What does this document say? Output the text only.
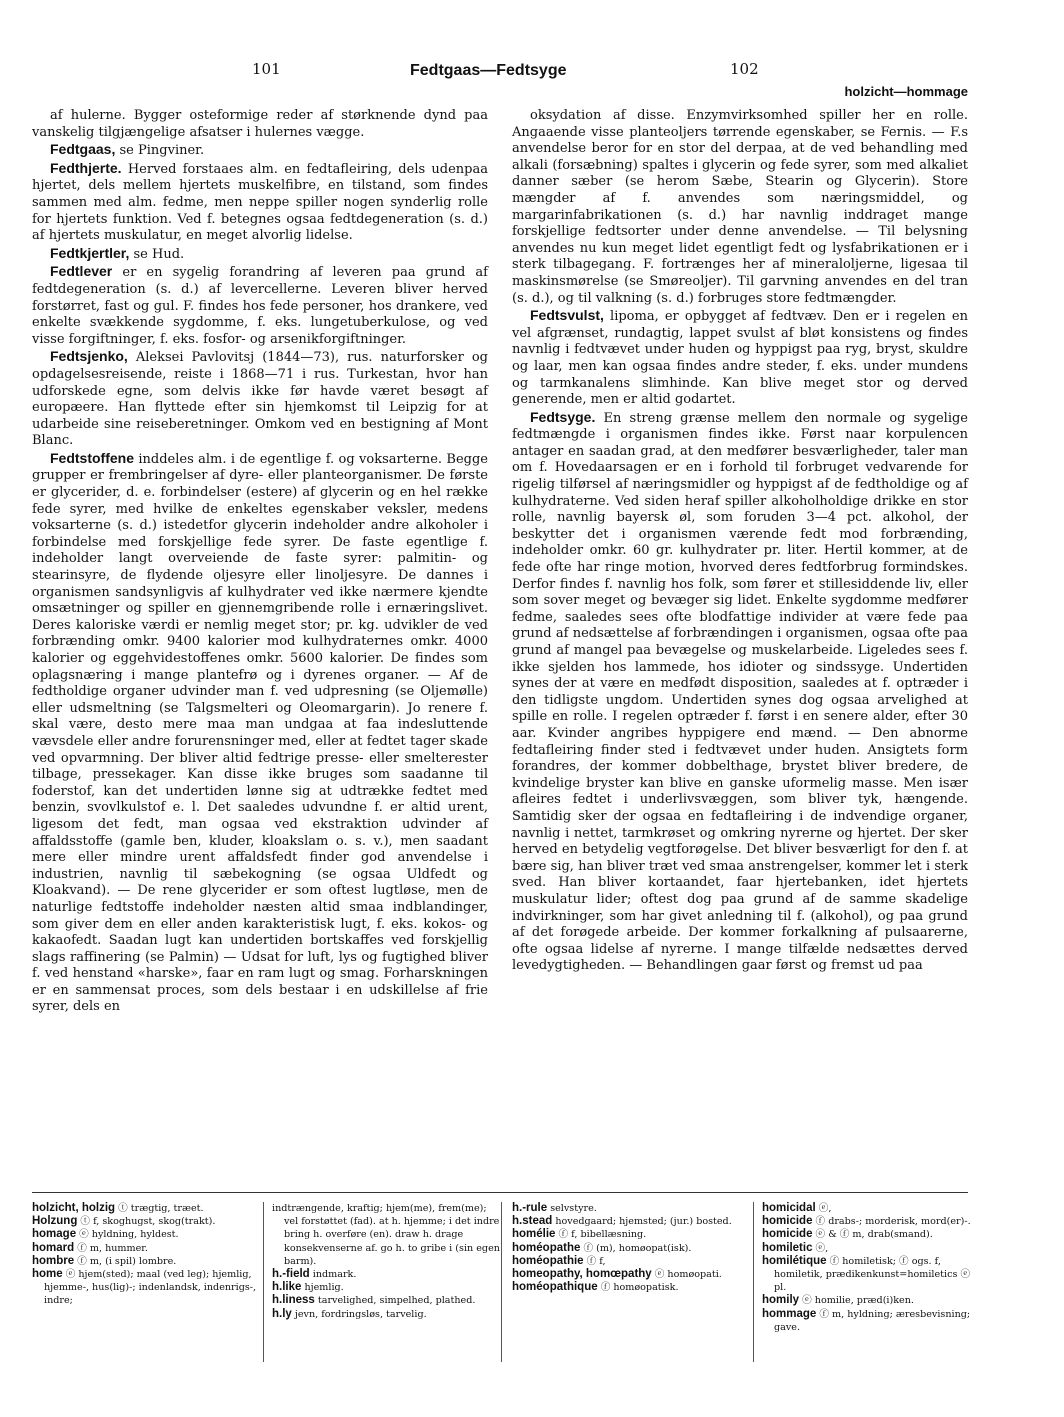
101	Fedtgaas—Fedtsyge	102
holzicht—hommage

af hulerne. Bygger osteformige reder af størknende dynd paa vanskelig tilgjængelige afsatser i hulernes vægge.

Fedtgaas, se Pingviner.

Fedthjerte. Herved forstaaes alm. en fedtafleiring, dels udenpaa hjertet, dels mellem hjertets muskelfibre, en tilstand, som findes sammen med alm. fedme, men neppe spiller nogen synderlig rolle for hjertets funktion. Ved f. betegnes ogsaa fedtdegeneration (s. d.) af hjertets muskulatur, en meget alvorlig lidelse.

Fedtkjertler, se Hud.

Fedtlever er en sygelig forandring af leveren paa grund af fedtdegeneration (s. d.) af levercellerne. Leveren bliver herved forstørret, fast og gul. F. findes hos fede personer, hos drankere, ved enkelte svækkende sygdomme, f. eks. lungetuberkulose, og ved visse forgiftninger, f. eks. fosfor- og arsenikforgiftninger.

Fedtsjenko, Aleksei Pavlovitsj (1844—73), rus. naturforsker og opdagelsesreisende, reiste i 1868—71 i rus. Turkestan, hvor han udforskede egne, som delvis ikke før havde været besøgt af europæere. Han flyttede efter sin hjemkomst til Leipzig for at udarbeide sine reiseberetninger. Omkom ved en bestigning af Mont Blanc.

Fedtstoffene inddeles alm. i de egentlige f. og voksarterne. Begge grupper er frembringelser af dyre- eller planteorganismer. De første er glycerider, d. e. forbindelser (estere) af glycerin og en hel række fede syrer, med hvilke de enkeltes egenskaber veksler, medens voksarterne (s. d.) istedetfor glycerin indeholder andre alkoholer i forbindelse med forskjellige fede syrer. De faste egentlige f. indeholder langt overveiende de faste syrer: palmitin- og stearinsyre, de flydende oljesyre eller linoljesyre. De dannes i organismen sandsynligvis af kulhydrater ved ikke nærmere kjendte omsætninger og spiller en gjennemgribende rolle i ernæringslivet. Deres kaloriske værdi er nemlig meget stor; pr. kg. udvikler de ved forbrænding omkr. 9400 kalorier mod kulhydraternes omkr. 4000 kalorier og eggehvidestoffenes omkr. 5600 kalorier. De findes som oplagsnæring i mange plantefrø og i dyrenes organer. — Af de fedtholdige organer udvinder man f. ved udpresning (se Oljemølle) eller udsmeltning (se Talgsmelteri og Oleomargarin). Jo renere f. skal være, desto mere maa man undgaa at faa indesluttende vævsdele eller andre forurensninger med, eller at fedtet tager skade ved opvarmning. Der bliver altid fedtrige presse- eller smelterester tilbage, pressekager. Kan disse ikke bruges som saadanne til foderstof, kan det undertiden lønne sig at udtrække fedtet med benzin, svovlkulstof e. l. Det saaledes udvundne f. er altid urent, ligesom det fedt, man ogsaa ved ekstraktion udvinder af affaldsstoffe (gamle ben, kluder, kloakslam o. s. v.), men saadant mere eller mindre urent affaldsfedt finder god anvendelse i industrien, navnlig til sæbekogning (se ogsaa Uldfedt og Kloakvand). — De rene glycerider er som oftest lugtløse, men de naturlige fedtstoffe indeholder næsten altid smaa indblandinger, som giver dem en eller anden karakteristisk lugt, f. eks. kokos- og kakaofedt. Saadan lugt kan undertiden bortskaffes ved forskjellig slags raffinering (se Palmin) — Udsat for luft, lys og fugtighed bliver f. ved henstand «harske», faar en ram lugt og smag. Forharskningen er en sammensat proces, som dels bestaar i en udskillelse af frie syrer, dels en

oksydation af disse. Enzymvirksomhed spiller her en rolle. Angaaende visse planteoljers tørrende egenskaber, se Fernis. — F.s anvendelse beror for en stor del derpaa, at de ved behandling med alkali (forsæbning) spaltes i glycerin og fede syrer, som med alkaliet danner sæber (se herom Sæbe, Stearin og Glycerin). Store mængder af f. anvendes som næringsmiddel, og margarinfabrikationen (s. d.) har navnlig inddraget mange forskjellige fedtsorter under denne anvendelse. — Til belysning anvendes nu kun meget lidet egentligt fedt og lysfabrikationen er i sterk tilbagegang. F. fortrænges her af mineraloljerne, ligesaa til maskinsmørelse (se Smøreoljer). Til garvning anvendes en del tran (s. d.), og til valkning (s. d.) forbruges store fedtmængder.

Fedtsvulst, lipoma, er opbygget af fedtvæv. Den er i regelen en vel afgrænset, rundagtig, lappet svulst af bløt konsistens og findes navnlig i fedtvævet under huden og hyppigst paa ryg, bryst, skuldre og laar, men kan ogsaa findes andre steder, f. eks. under mundens og tarmkanalens slimhinde. Kan blive meget stor og derved generende, men er altid godartet.

Fedtsyge. En streng grænse mellem den normale og sygelige fedtmængde i organismen findes ikke. Først naar korpulencen antager en saadan grad, at den medfører besværligheder, taler man om f. Hovedaarsagen er en i forhold til forbruget vedvarende for rigelig tilførsel af næringsmidler og hyppigst af de fedtholdige og af kulhydraterne. Ved siden heraf spiller alkoholholdige drikke en stor rolle, navnlig bayersk øl, som foruden 3—4 pct. alkohol, der beskytter det i organismen værende fedt mod forbrænding, indeholder omkr. 60 gr. kulhydrater pr. liter. Hertil kommer, at de fede ofte har ringe motion, hvorved deres fedtforbrug formindskes. Derfor findes f. navnlig hos folk, som fører et stillesiddende liv, eller som sover meget og bevæger sig lidet. Enkelte sygdomme medfører fedme, saaledes sees ofte blodfattige individer at være fede paa grund af nedsættelse af forbrændingen i organismen, ogsaa ofte paa grund af mangel paa bevægelse og muskelarbeide. Ligeledes sees f. ikke sjelden hos lammede, hos idioter og sindssyge. Undertiden synes der at være en medfødt disposition, saaledes at f. optræder i den tidligste ungdom. Undertiden synes dog ogsaa arvelighed at spille en rolle. I regelen optræder f. først i en senere alder, efter 30 aar. Kvinder angribes hyppigere end mænd. — Den abnorme fedtafleiring finder sted i fedtvævet under huden. Ansigtets form forandres, der kommer dobbelthage, brystet bliver bredere, de kvindelige bryster kan blive en ganske uformelig masse. Men især afleires fedtet i underlivsvæggen, som bliver tyk, hængende. Samtidig sker der ogsaa en fedtafleiring i de indvendige organer, navnlig i nettet, tarmkrøset og omkring nyrerne og hjertet. Der sker herved en betydelig vegtforøgelse. Det bliver besværligt for den f. at bære sig, han bliver træt ved smaa anstrengelser, kommer let i sterk sved. Han bliver kortaandet, faar hjertebanken, idet hjertets muskulatur lider; oftest dog paa grund af de samme skadelige indvirkninger, som har givet anledning til f. (alkohol), og paa grund af det forøgede arbeide. Der kommer forkalkning af pulsaarerne, ofte ogsaa lidelse af nyrerne. I mange tilfælde nedsættes derved levedygtigheden. — Behandlingen gaar først og fremst ud paa

holzicht, holzig ⓣ trægtig, træet.

Holzung ⓣ f, skoghugst, skog(trakt).

homage ⓔ hyldning, hyldest.

homard ⓕ m, hummer.

hombre ⓕ m, (i spil) lombre.

home ⓔ hjem(sted); maal (ved leg); hjemlig, hjemme-, hus(lig)-; indenlandsk, indenrigs-, indre;

indtrængende, kraftig; hjem(me), frem(me); vel forstøttet (fad). at h. hjemme; i det indre bring h. overføre (en). draw h. drage konsekvenserne af. go h. to gribe i (sin egen barm).

h.-field indmark.

h.like hjemlig.

h.liness tarvelighed, simpelhed, plathed.

h.ly jevn, fordringsløs, tarvelig.

h.-rule selvstyre.

h.stead hovedgaard; hjemsted; (jur.) bosted.

homélie ⓕ f, bibellæsning.

homéopathe ⓕ (m), homøopat(isk).

homéopathie ⓕ f,

homeopathy, homœpathy ⓔ homøopati.

homéopathique ⓕ homøopatisk.

homicidal ⓔ,

homicide ⓕ drabs-; morderisk, mord(er)-.

homicide ⓔ & ⓕ m, drab(smand).

homiletic ⓔ,

homilétique ⓕ homiletisk; ⓕ ogs. f, homiletik, prædikenkunst=homiletics ⓔ pl.

homily ⓔ homilie, præd(i)ken.

hommage ⓕ m, hyldning; æresbevisning; gave.
